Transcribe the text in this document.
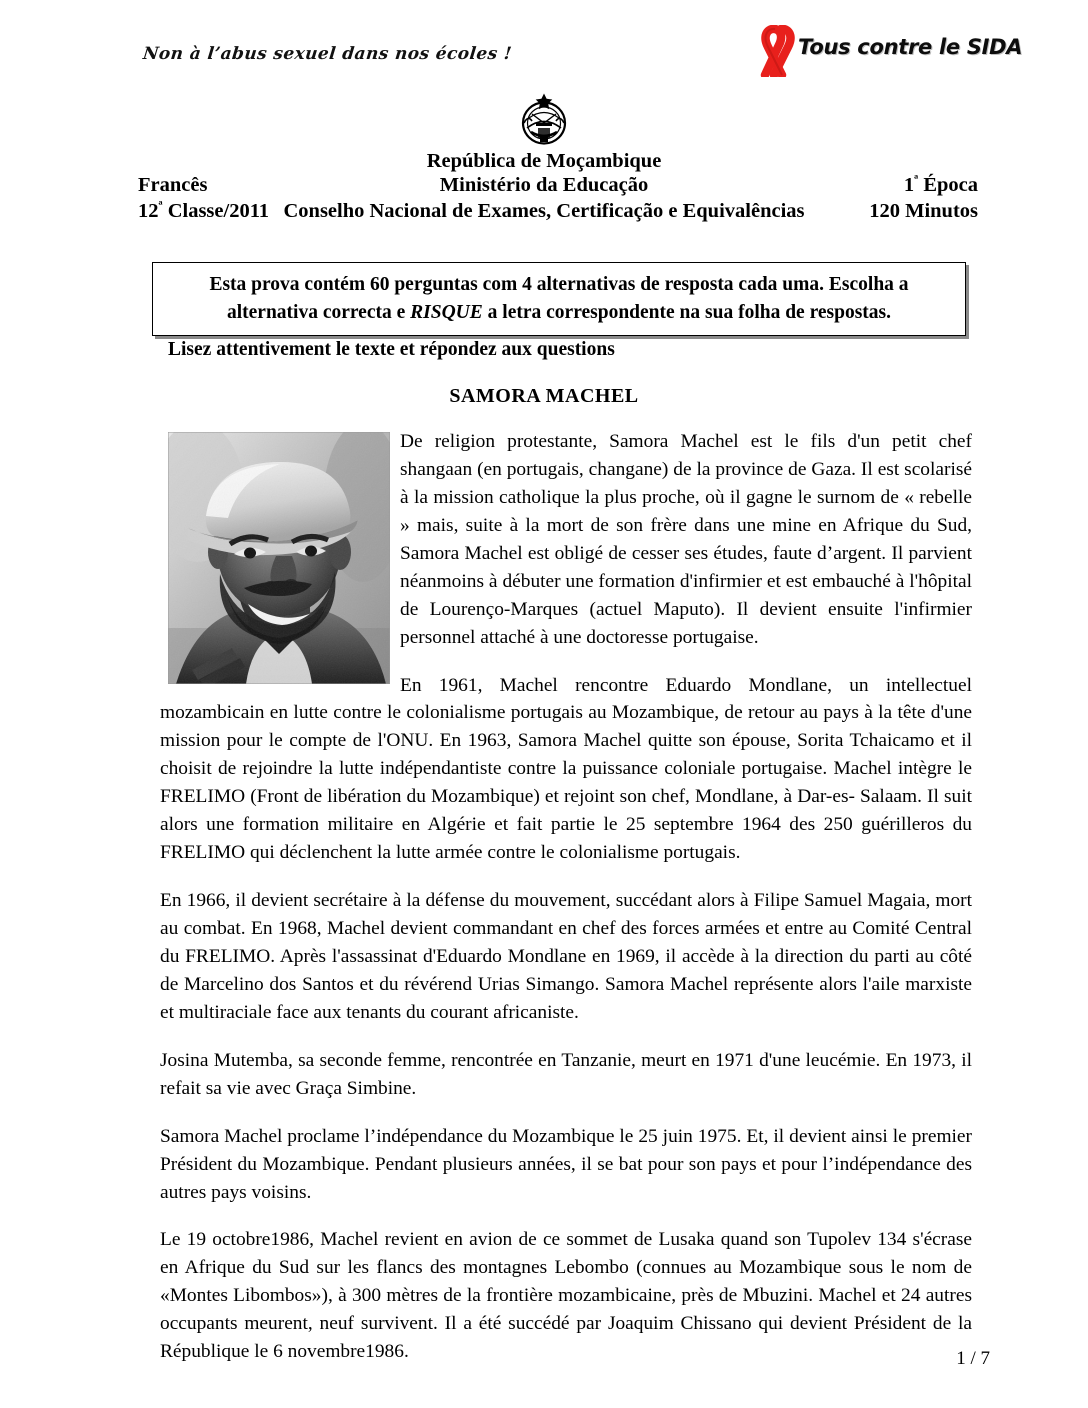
Non à l’abus sexuel dans nos écoles !	Tous contre le SIDA
República de Moçambique
Francês	Ministério da Educação	$1^ª$ Época
$12^ª$ Classe/2011 Conselho Nacional de Exames, Certificação e Equivalências	120 Minutos
Esta prova contém 60 perguntas com 4 alternativas de resposta cada uma. Escolha a alternativa correcta e RISQUE a letra correspondente na sua folha de respostas.
Lisez attentivement le texte et répondez aux questions
SAMORA MACHEL

De religion protestante, Samora Machel est le fils d'un petit chef shangaan (en portugais, changane) de la province de Gaza. Il est scolarisé à la mission catholique la plus proche, où il gagne le surnom de « rebelle » mais, suite à la mort de son frère dans une mine en Afrique du Sud, Samora Machel est obligé de cesser ses études, faute d’argent. Il parvient néanmoins à débuter une formation d'infirmier et est embauché à l'hôpital de Lourenço-Marques (actuel Maputo). Il devient ensuite l'infirmier personnel attaché à une doctoresse portugaise.

En 1961, Machel rencontre Eduardo Mondlane, un intellectuel mozambicain en lutte contre le colonialisme portugais au Mozambique, de retour au pays à la tête d'une mission pour le compte de l'ONU. En 1963, Samora Machel quitte son épouse, Sorita Tchaicamo et il choisit de rejoindre la lutte indépendantiste contre la puissance coloniale portugaise. Machel intègre le FRELIMO (Front de libération du Mozambique) et rejoint son chef, Mondlane, à Dar-es- Salaam. Il suit alors une formation militaire en Algérie et fait partie le 25 septembre 1964 des 250 guérilleros du FRELIMO qui déclenchent la lutte armée contre le colonialisme portugais.

En 1966, il devient secrétaire à la défense du mouvement, succédant alors à Filipe Samuel Magaia, mort au combat. En 1968, Machel devient commandant en chef des forces armées et entre au Comité Central du FRELIMO. Après l'assassinat d'Eduardo Mondlane en 1969, il accède à la direction du parti au côté de Marcelino dos Santos et du révérend Urias Simango. Samora Machel représente alors l'aile marxiste et multiraciale face aux tenants du courant africaniste.

Josina Mutemba, sa seconde femme, rencontrée en Tanzanie, meurt en 1971 d'une leucémie. En 1973, il refait sa vie avec Graça Simbine.

Samora Machel proclame l’indépendance du Mozambique le 25 juin 1975. Et, il devient ainsi le premier Président du Mozambique. Pendant plusieurs années, il se bat pour son pays et pour l’indépendance des autres pays voisins.

Le 19 octobre1986, Machel revient en avion de ce sommet de Lusaka quand son Tupolev 134 s'écrase en Afrique du Sud sur les flancs des montagnes Lebombo (connues au Mozambique sous le nom de «Montes Libombos»), à 300 mètres de la frontière mozambicaine, près de Mbuzini. Machel et 24 autres occupants meurent, neuf survivent. Il a été succédé par Joaquim Chissano qui devient Président de la République le 6 novembre1986.	1 / 7
